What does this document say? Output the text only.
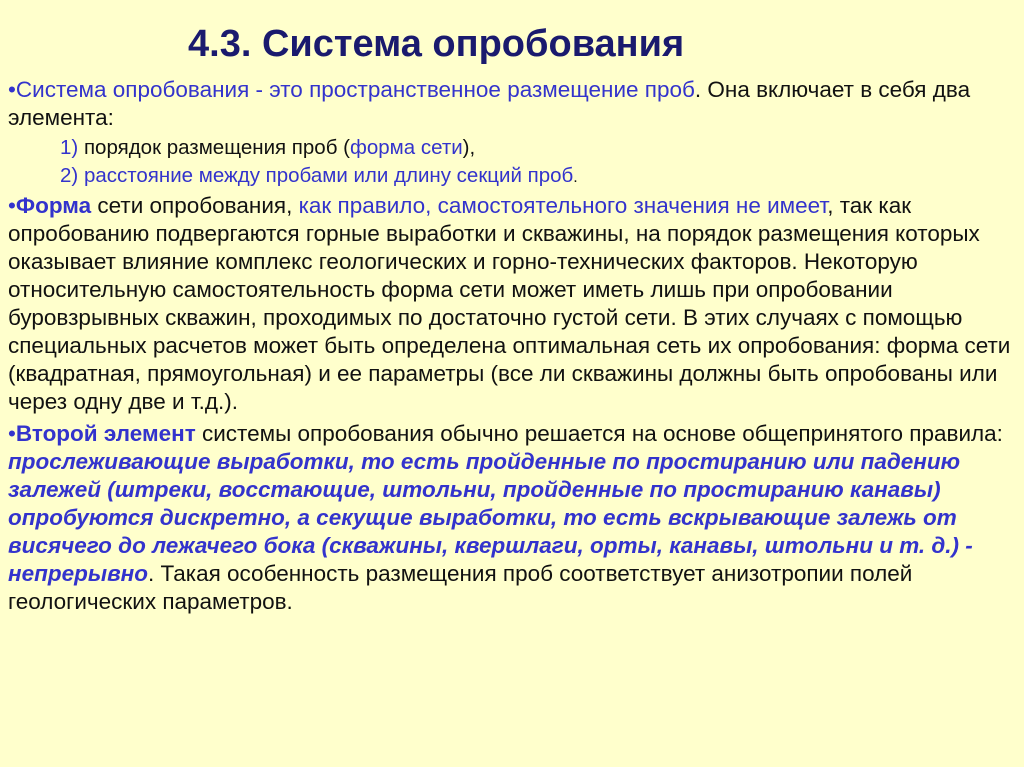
4.3. Система опробования

•Система опробования - это пространственное размещение проб. Она включает в себя два элемента:

1) порядок размещения проб (форма сети),

2) расстояние между пробами или длину секций проб.

•Форма сети опробования, как правило, самостоятельного значения не имеет, так как опробованию подвергаются горные выработки и скважины, на порядок размещения которых оказывает влияние комплекс геологических и горно-технических факторов. Некоторую относительную самостоятельность форма сети может иметь лишь при опробовании буровзрывных скважин, проходимых по достаточно густой сети. В этих случаях с помощью специальных расчетов может быть определена оптимальная сеть их опробования: форма сети (квадратная, прямоугольная) и ее параметры (все ли скважины должны быть опробованы или через одну две и т.д.).

•Второй элемент системы опробования обычно решается на основе общепринятого правила: прослеживающие выработки, то есть пройденные по простиранию или падению залежей (штреки, восстающие, штольни, пройденные по простиранию канавы) опробуются дискретно, а секущие выработки, то есть вскрывающие залежь от висячего до лежачего бока (скважины, квершлаги, орты, канавы, штольни и т. д.) - непрерывно. Такая особенность размещения проб соответствует анизотропии полей геологических параметров.
